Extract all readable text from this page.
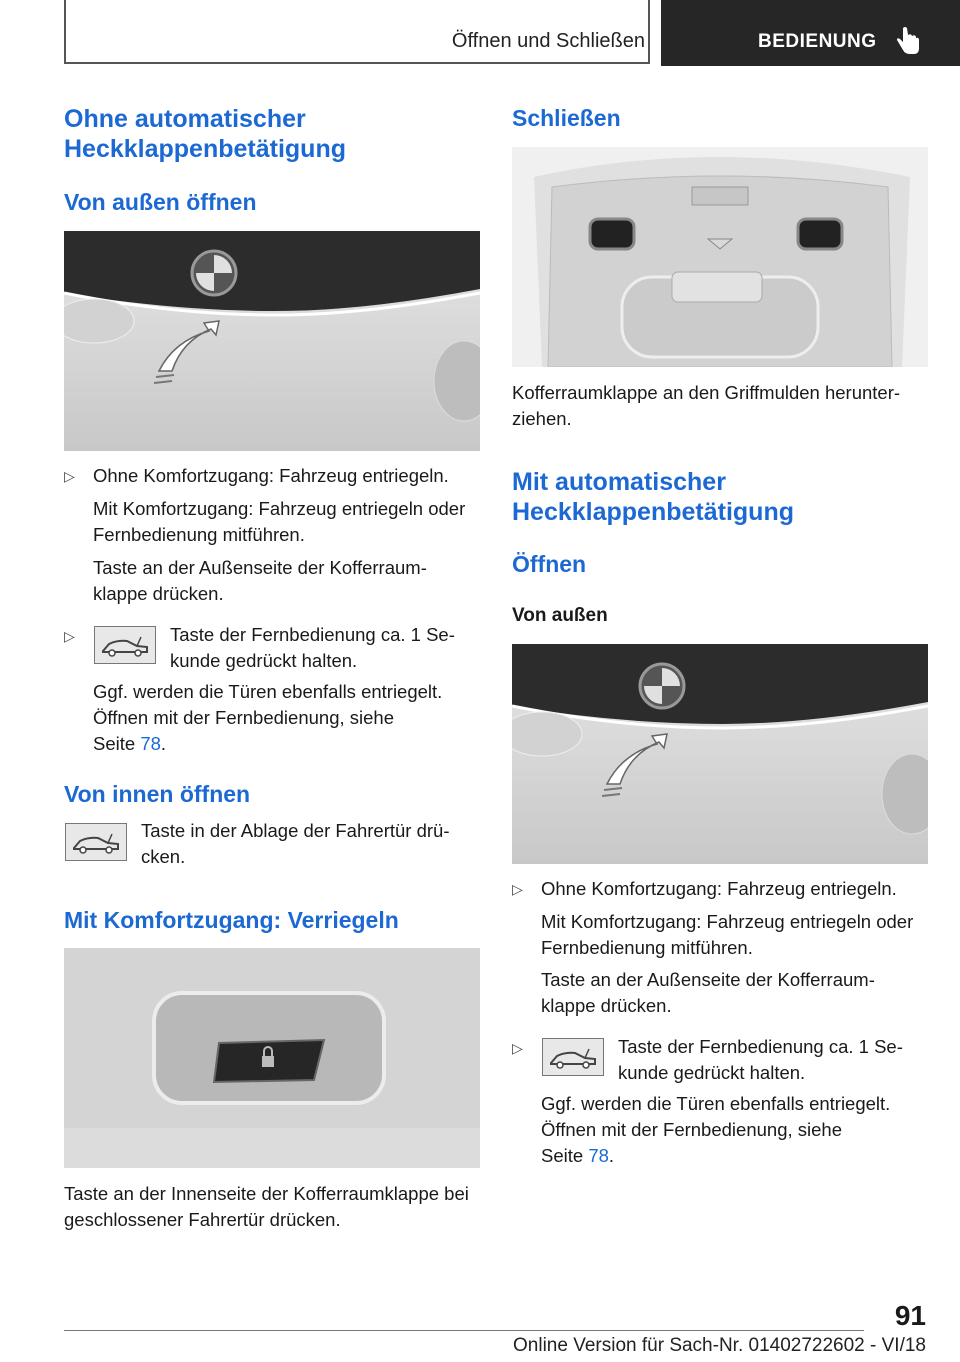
Öffnen und Schließen	BEDIENUNG
Ohne automatischer Heckklappenbetätigung
Von außen öffnen
▷ Ohne Komfortzugang: Fahrzeug entriegeln.
Mit Komfortzugang: Fahrzeug entriegeln oder Fernbedienung mitführen.
Taste an der Außenseite der Kofferraum-klappe drücken.
▷	Taste der Fernbedienung ca. 1 Se-kunde gedrückt halten.
Ggf. werden die Türen ebenfalls entriegelt. Öffnen mit der Fernbedienung, siehe
Seite 78.
Von innen öffnen
Taste in der Ablage der Fahrertür drü-cken.
Mit Komfortzugang: Verriegeln
Taste an der Innenseite der Kofferraumklappe bei geschlossener Fahrertür drücken.
Schließen
Kofferraumklappe an den Griffmulden herunter-ziehen.
Mit automatischer Heckklappenbetätigung
Öffnen
Von außen
▷ Ohne Komfortzugang: Fahrzeug entriegeln.
Mit Komfortzugang: Fahrzeug entriegeln oder Fernbedienung mitführen.
Taste an der Außenseite der Kofferraum-klappe drücken.
▷	Taste der Fernbedienung ca. 1 Se-kunde gedrückt halten.
Ggf. werden die Türen ebenfalls entriegelt. Öffnen mit der Fernbedienung, siehe
Seite 78.
91
Online Version für Sach-Nr. 01402722602 - VI/18
